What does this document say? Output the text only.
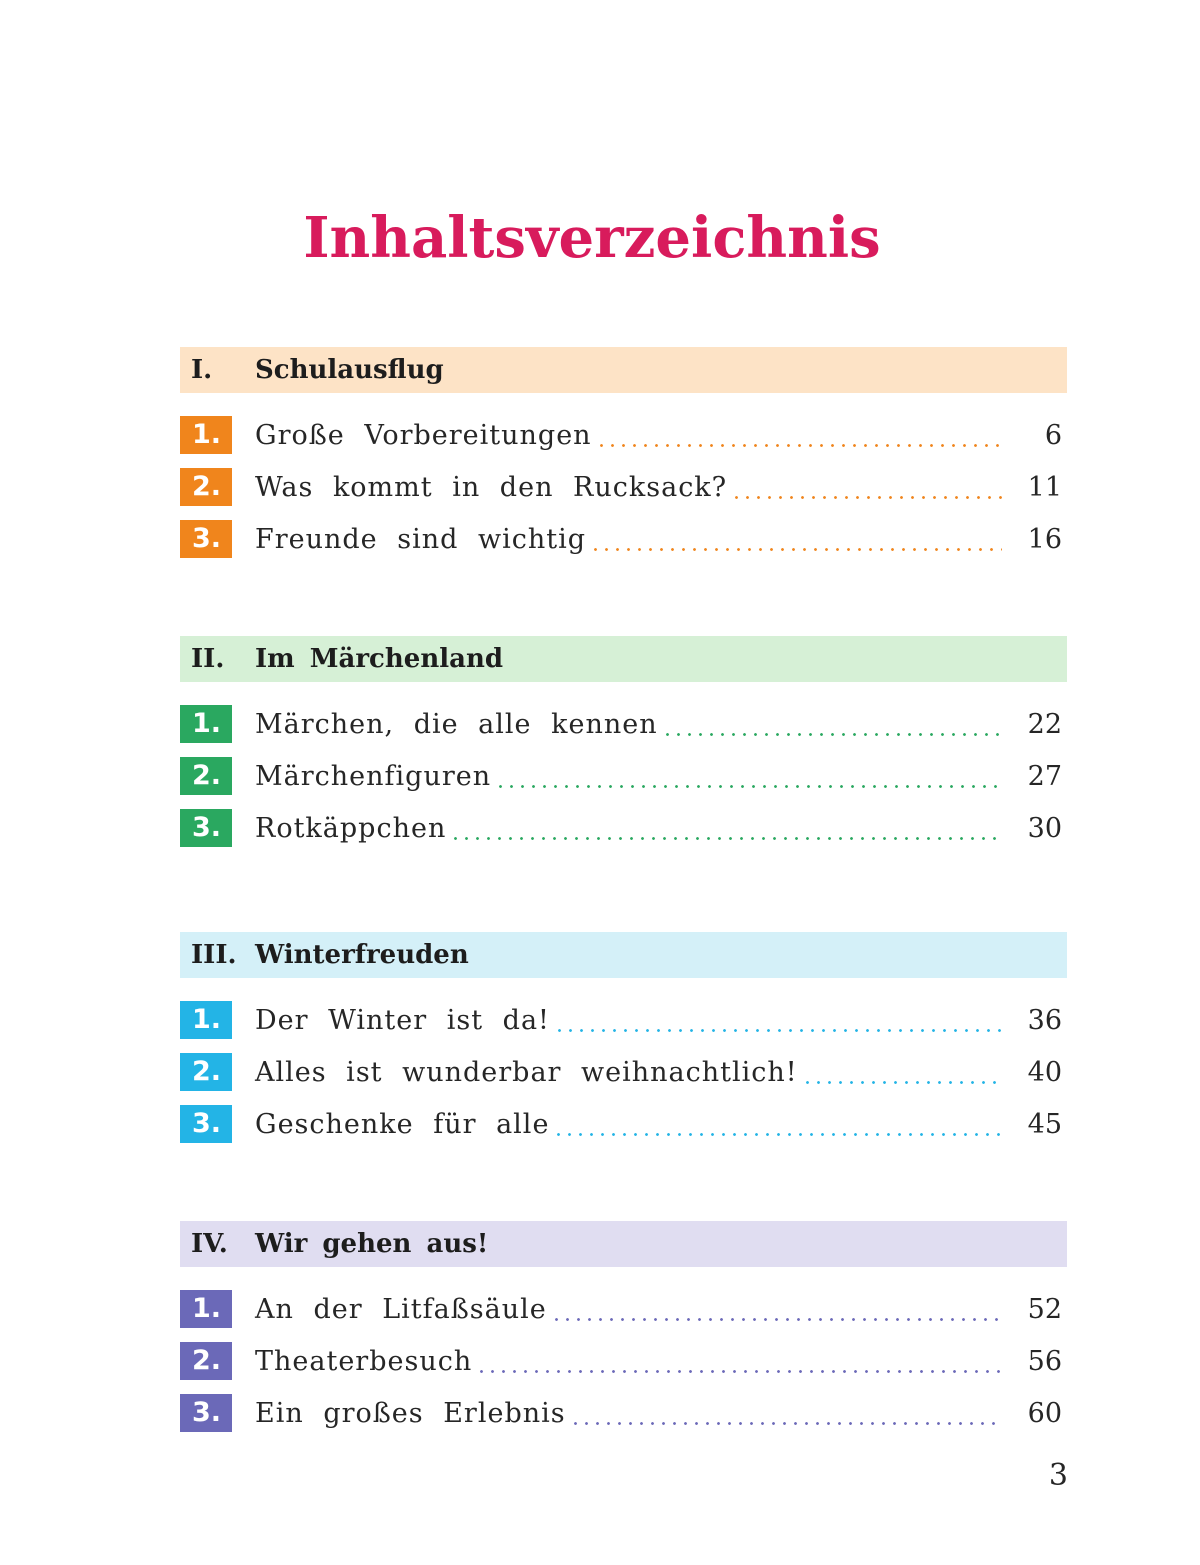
Inhaltsverzeichnis
I.	Schulausflug
1.	Große Vorbereitungen	6
2.	Was kommt in den Rucksack?	11
3.	Freunde sind wichtig	16
II.	Im Märchenland
1.	Märchen, die alle kennen	22
2.	Märchenfiguren	27
3.	Rotkäppchen	30
III. Winterfreuden
1.	Der Winter ist da!	36
2.	Alles ist wunderbar weihnachtlich!	40
3.	Geschenke für alle	45
IV.	Wir gehen aus!
1.	An der Litfaßsäule	52
2.	Theaterbesuch	56
3.	Ein großes Erlebnis	60
3
